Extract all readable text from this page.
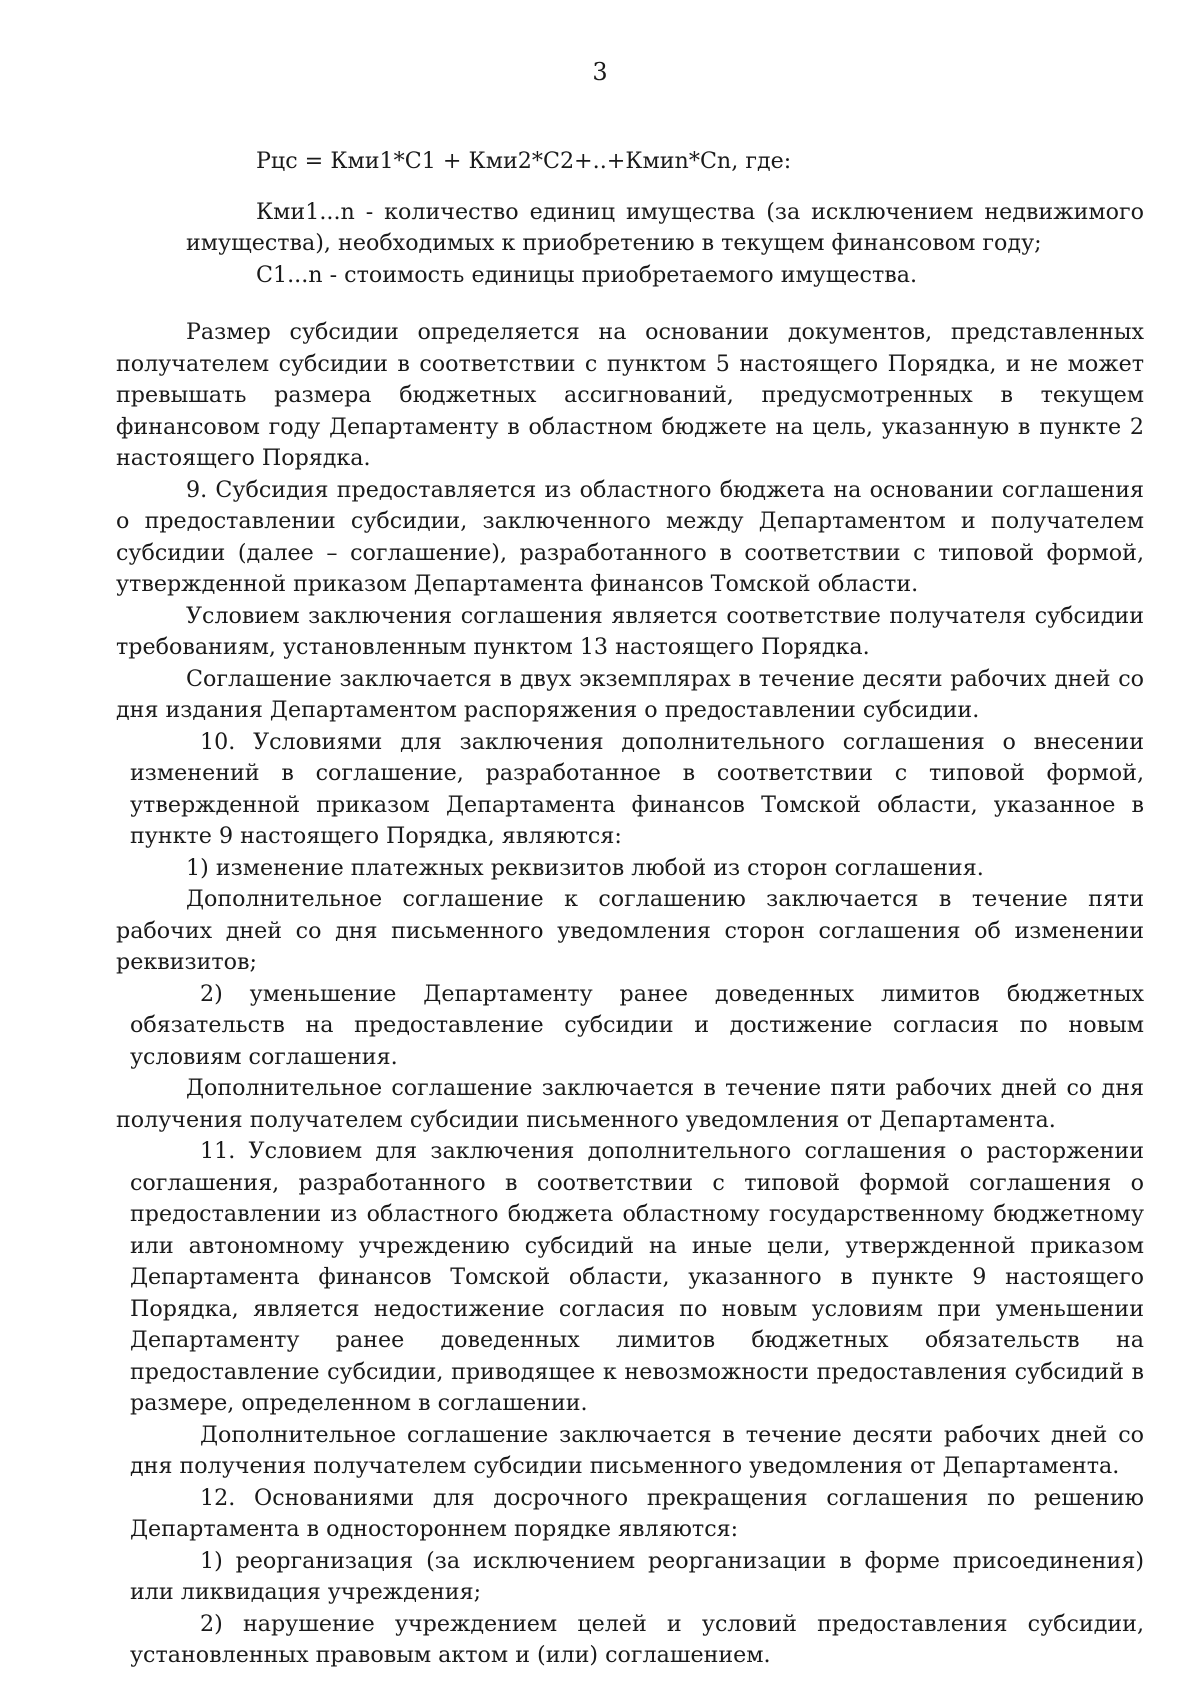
3

Рцс = Кми1*С1 + Кми2*С2+..+Кмиn*Сn, где:

Кми1...n - количество единиц имущества (за исключением недвижимого имущества), необходимых к приобретению в текущем финансовом году;

С1...n - стоимость единицы приобретаемого имущества.

Размер субсидии определяется на основании документов, представленных получателем субсидии в соответствии с пунктом 5 настоящего Порядка, и не может превышать размера бюджетных ассигнований, предусмотренных в текущем финансовом году Департаменту в областном бюджете на цель, указанную в пункте 2 настоящего Порядка.

9. Субсидия предоставляется из областного бюджета на основании соглашения о предоставлении субсидии, заключенного между Департаментом и получателем субсидии (далее – соглашение), разработанного в соответствии с типовой формой, утвержденной приказом Департамента финансов Томской области.

Условием заключения соглашения является соответствие получателя субсидии требованиям, установленным пунктом 13 настоящего Порядка.

Соглашение заключается в двух экземплярах в течение десяти рабочих дней со дня издания Департаментом распоряжения о предоставлении субсидии.

10. Условиями для заключения дополнительного соглашения о внесении изменений в соглашение, разработанное в соответствии с типовой формой, утвержденной приказом Департамента финансов Томской области, указанное в пункте 9 настоящего Порядка, являются:

1) изменение платежных реквизитов любой из сторон соглашения.

Дополнительное соглашение к соглашению заключается в течение пяти рабочих дней со дня письменного уведомления сторон соглашения об изменении реквизитов;

2) уменьшение Департаменту ранее доведенных лимитов бюджетных обязательств на предоставление субсидии и достижение согласия по новым условиям соглашения.

Дополнительное соглашение заключается в течение пяти рабочих дней со дня получения получателем субсидии письменного уведомления от Департамента.

11. Условием для заключения дополнительного соглашения о расторжении соглашения, разработанного в соответствии с типовой формой соглашения о предоставлении из областного бюджета областному государственному бюджетному или автономному учреждению субсидий на иные цели, утвержденной приказом Департамента финансов Томской области, указанного в пункте 9 настоящего Порядка, является недостижение согласия по новым условиям при уменьшении Департаменту ранее доведенных лимитов бюджетных обязательств на предоставление субсидии, приводящее к невозможности предоставления субсидий в размере, определенном в соглашении.

Дополнительное соглашение заключается в течение десяти рабочих дней со дня получения получателем субсидии письменного уведомления от Департамента.

12. Основаниями для досрочного прекращения соглашения по решению Департамента в одностороннем порядке являются:

1) реорганизация (за исключением реорганизации в форме присоединения) или ликвидация учреждения;

2) нарушение учреждением целей и условий предоставления субсидии, установленных правовым актом и (или) соглашением.
